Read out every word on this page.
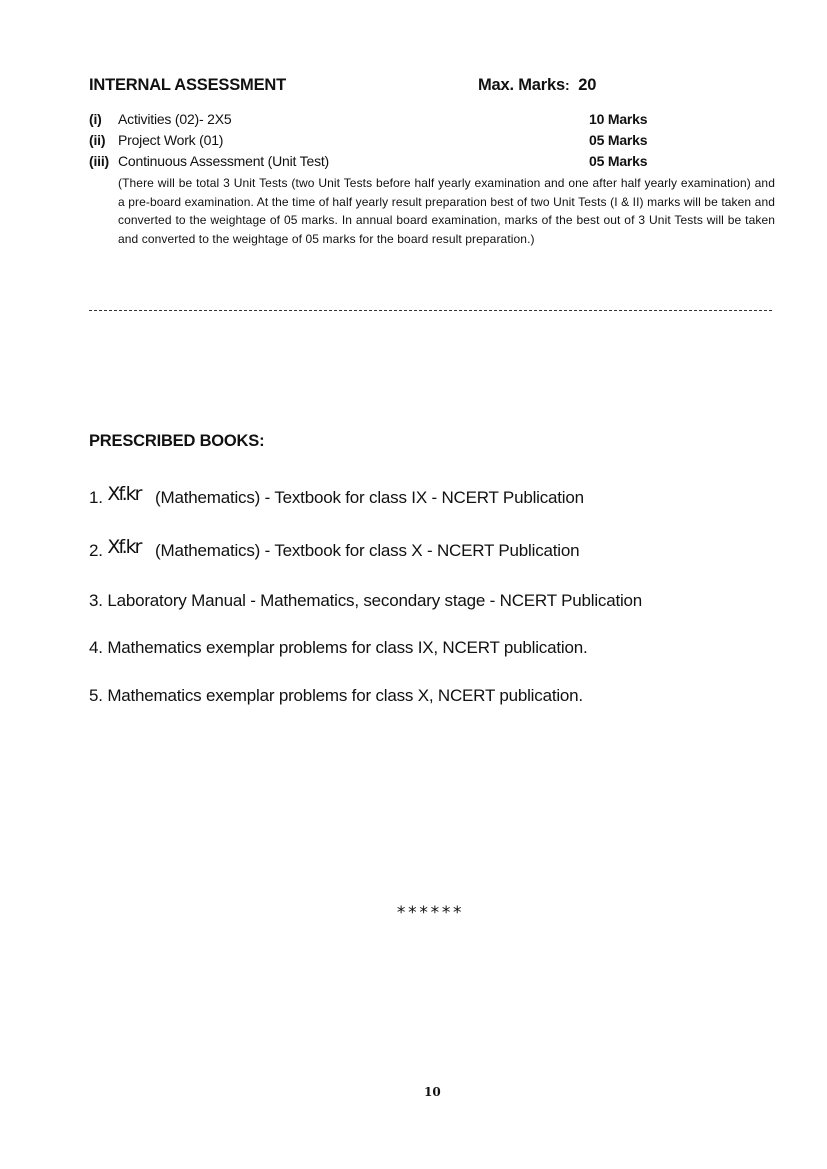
INTERNAL ASSESSMENT	Max. Marks: 20
(i) Activities (02)- 2X5	10 Marks
(ii) Project Work (01)	05 Marks
(iii) Continuous Assessment (Unit Test)	05 Marks
(There will be total 3 Unit Tests (two Unit Tests before half yearly examination and one after half yearly examination) and a pre-board examination. At the time of half yearly result preparation best of two Unit Tests (I & II) marks will be taken and converted to the weightage of 05 marks. In annual board examination, marks of the best out of 3 Unit Tests will be taken and converted to the weightage of 05 marks for the board result preparation.)
PRESCRIBED BOOKS:
1. Xf.kr (Mathematics) - Textbook for class IX - NCERT Publication
2. Xf.kr (Mathematics) - Textbook for class X - NCERT Publication
3. Laboratory Manual - Mathematics, secondary stage - NCERT Publication
4. Mathematics exemplar problems for class IX, NCERT publication.
5. Mathematics exemplar problems for class X, NCERT publication.
******
10
